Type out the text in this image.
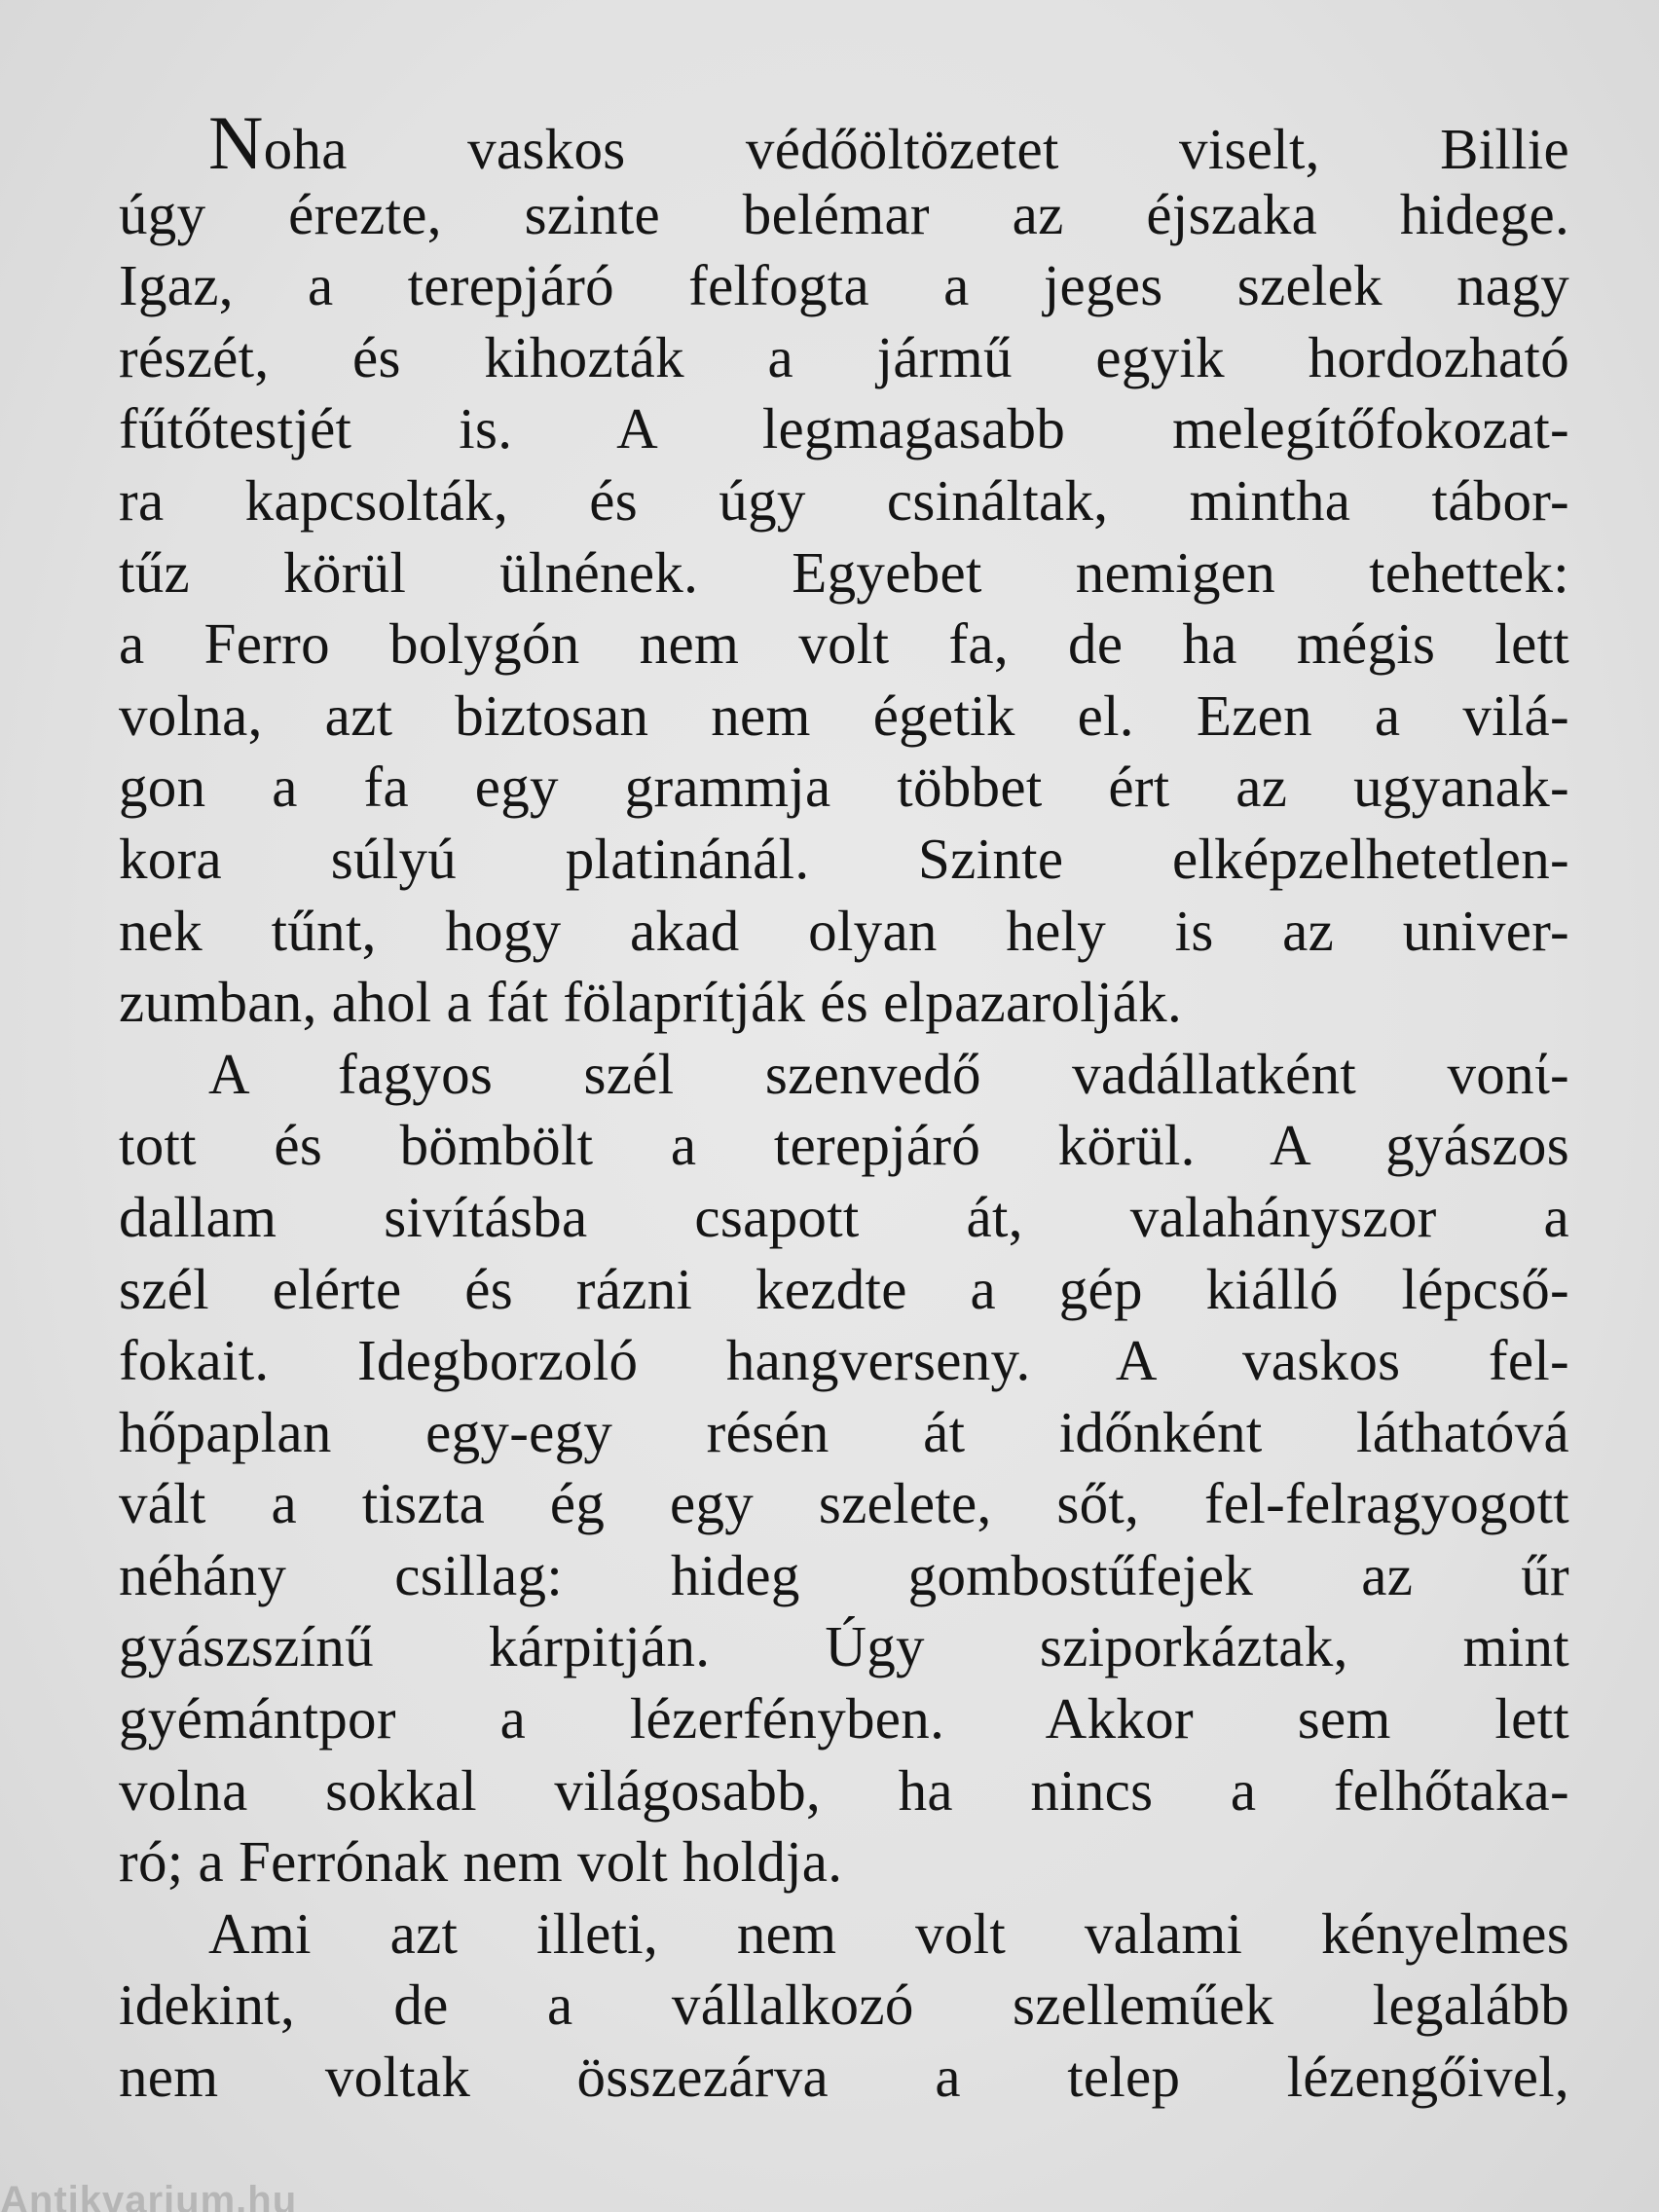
Noha vaskos védőöltözetet viselt, Billie
úgy érezte, szinte belémar az éjszaka hidege.
Igaz, a terepjáró felfogta a jeges szelek nagy
részét, és kihozták a jármű egyik hordozható
fűtőtestjét is. A legmagasabb melegítőfokozat-
ra kapcsolták, és úgy csináltak, mintha tábor-
tűz körül ülnének. Egyebet nemigen tehettek:
a Ferro bolygón nem volt fa, de ha mégis lett
volna, azt biztosan nem égetik el. Ezen a vilá-
gon a fa egy grammja többet ért az ugyanak-
kora súlyú platinánál. Szinte elképzelhetetlen-
nek tűnt, hogy akad olyan hely is az univer-
zumban, ahol a fát fölaprítják és elpazarolják.
A fagyos szél szenvedő vadállatként vonί-
tott és bömbölt a terepjáró körül. A gyászos
dallam sivításba csapott át, valahányszor a
szél elérte és rázni kezdte a gép kiálló lépcső-
fokait. Idegborzoló hangverseny. A vaskos fel-
hőpaplan egy-egy résén át időnként láthatóvá
vált a tiszta ég egy szelete, sőt, fel-felragyogott
néhány csillag: hideg gombostűfejek az űr
gyászszínű kárpitján. Úgy sziporkáztak, mint
gyémántpor a lézerfényben. Akkor sem lett
volna sokkal világosabb, ha nincs a felhőtaka-
ró; a Ferrónak nem volt holdja.
Ami azt illeti, nem volt valami kényelmes
idekint, de a vállalkozó szelleműek legalább
nem voltak összezárva a telep lézengőivel,
Antikvarium.hu
